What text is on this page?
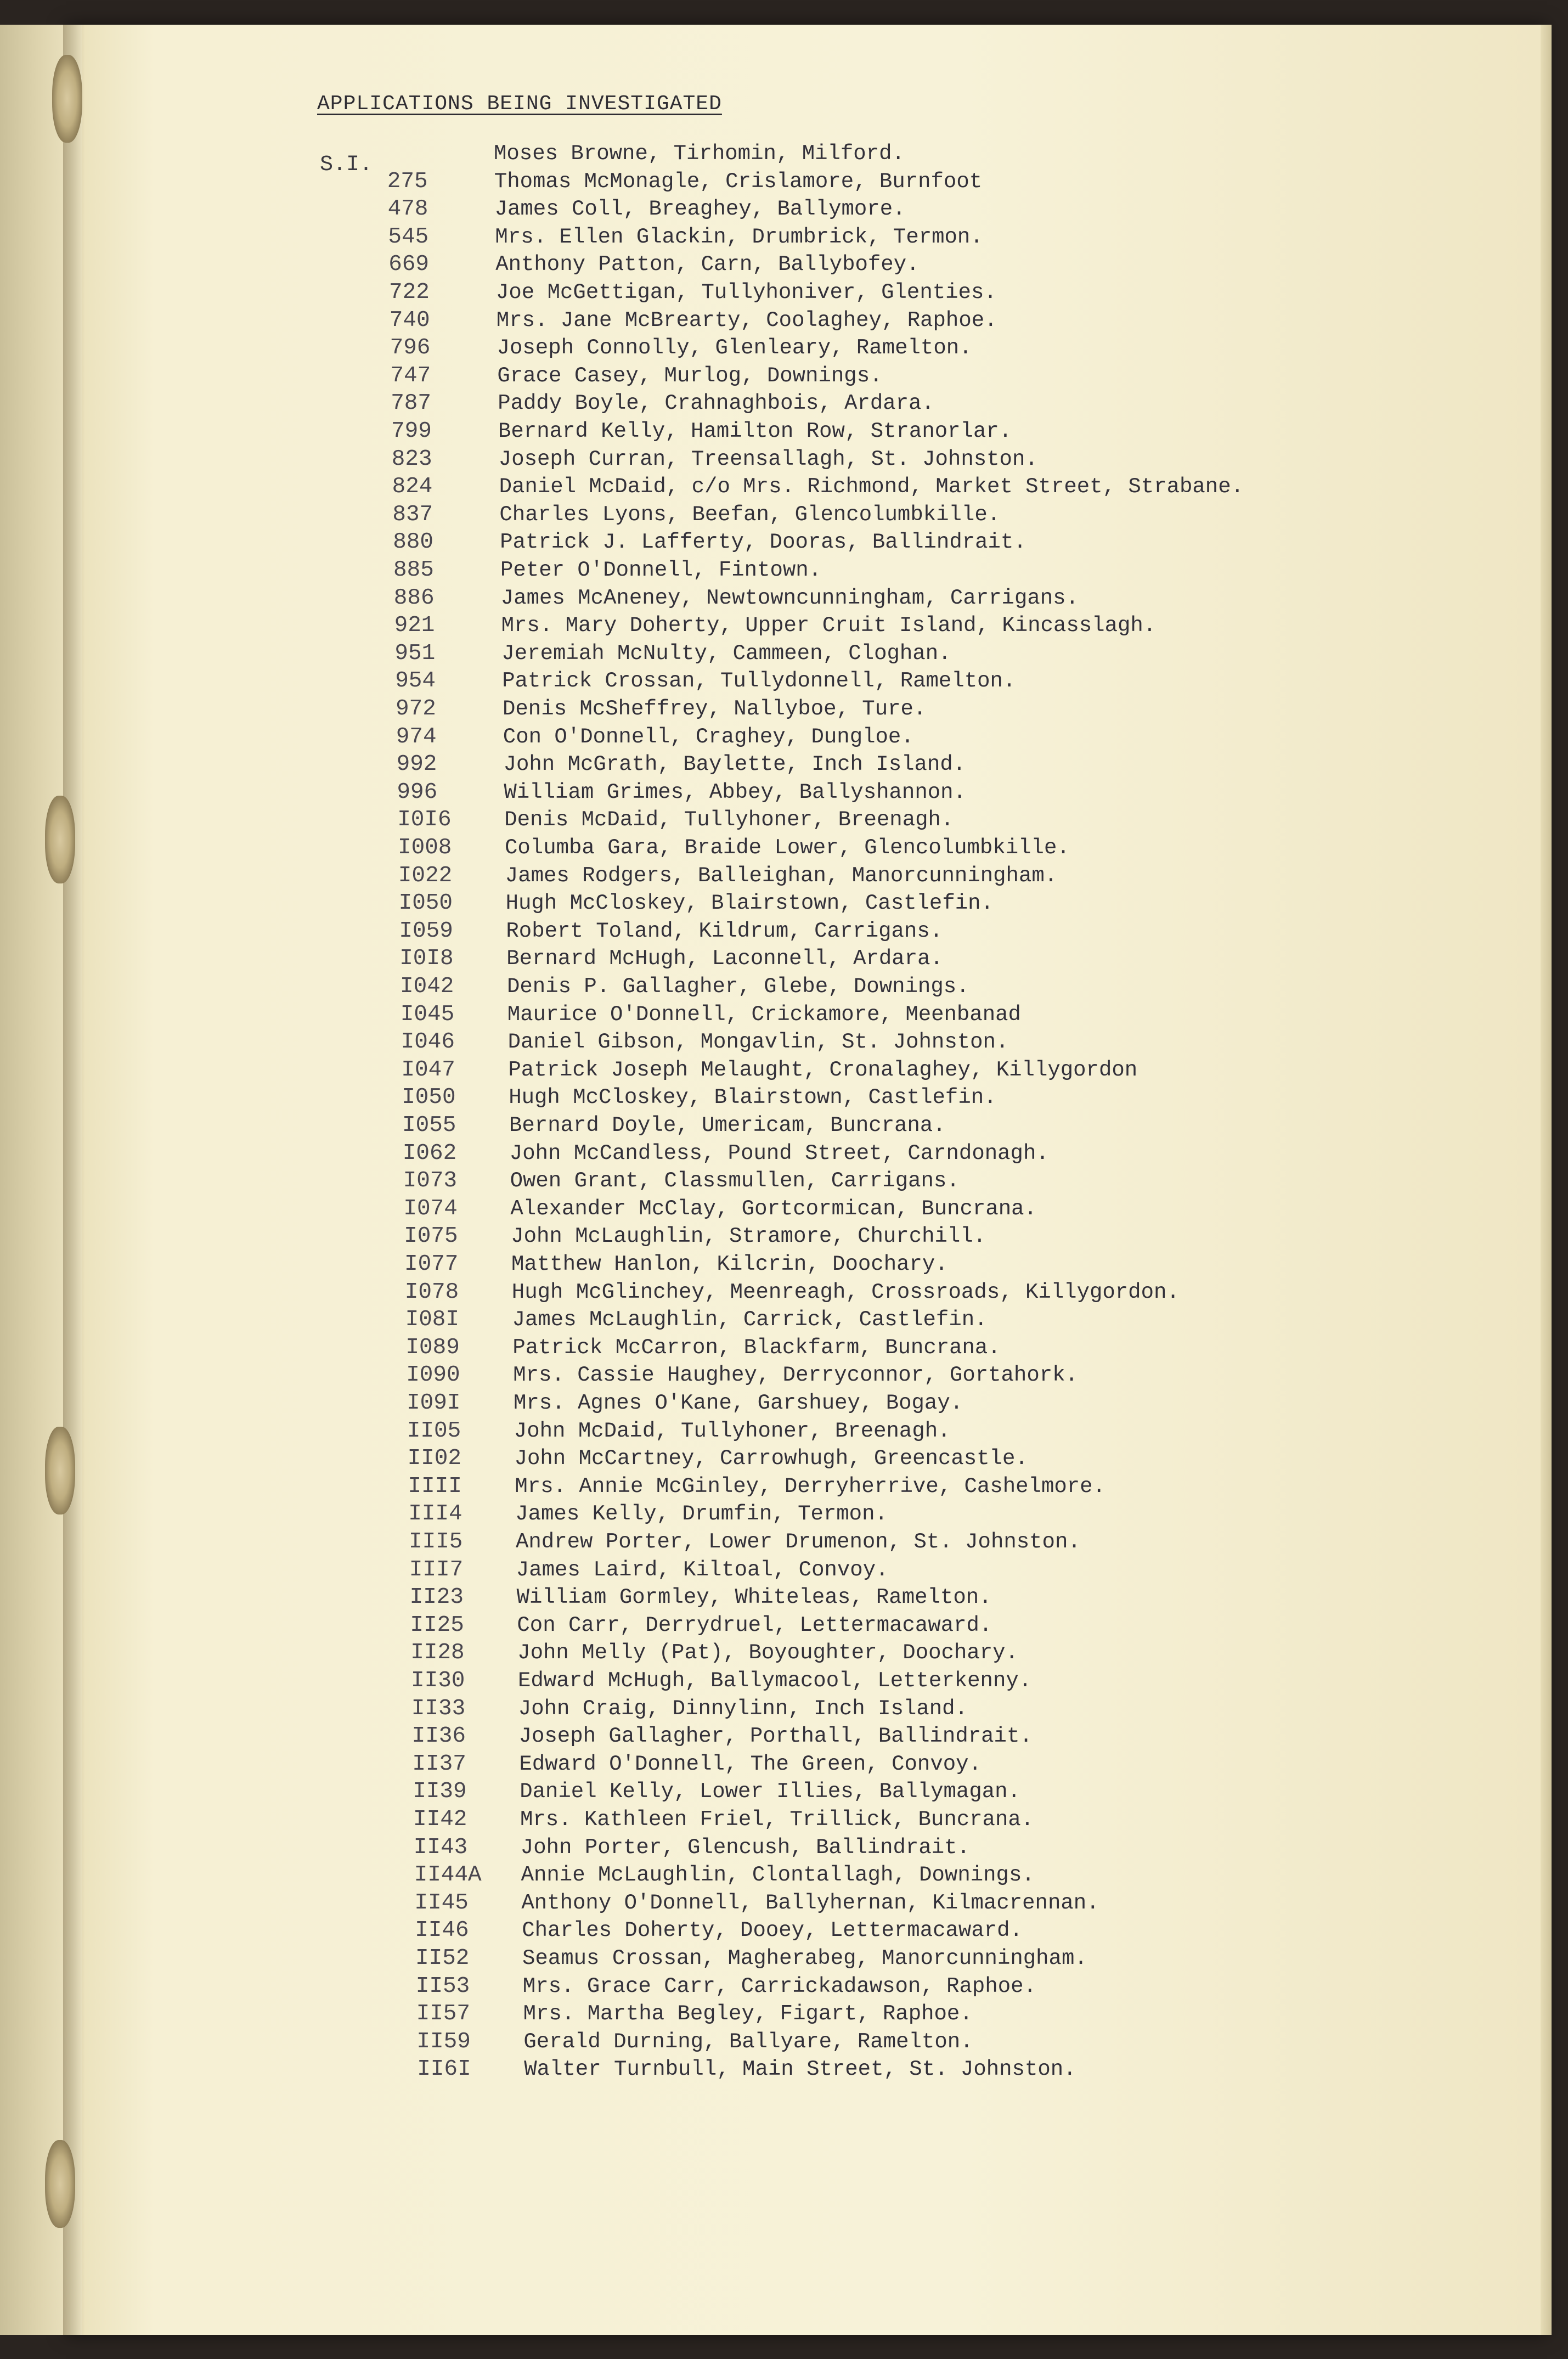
APPLICATIONS BEING INVESTIGATED
S.I.	Moses Browne, Tirhomin, Milford.
275	Thomas McMonagle, Crislamore, Burnfoot
478	James Coll, Breaghey, Ballymore.
545	Mrs. Ellen Glackin, Drumbrick, Termon.
669	Anthony Patton, Carn, Ballybofey.
722	Joe McGettigan, Tullyhoniver, Glenties.
740	Mrs. Jane McBrearty, Coolaghey, Raphoe.
796	Joseph Connolly, Glenleary, Ramelton.
747	Grace Casey, Murlog, Downings.
787	Paddy Boyle, Crahnaghbois, Ardara.
799	Bernard Kelly, Hamilton Row, Stranorlar.
823	Joseph Curran, Treensallagh, St. Johnston.
824	Daniel McDaid, c/o Mrs. Richmond, Market Street, Strabane.
837	Charles Lyons, Beefan, Glencolumbkille.
880	Patrick J. Lafferty, Dooras, Ballindrait.
885	Peter O'Donnell, Fintown.
886	James McAneney, Newtowncunningham, Carrigans.
921	Mrs. Mary Doherty, Upper Cruit Island, Kincasslagh.
951	Jeremiah McNulty, Cammeen, Cloghan.
954	Patrick Crossan, Tullydonnell, Ramelton.
972	Denis McSheffrey, Nallyboe, Ture.
974	Con O'Donnell, Craghey, Dungloe.
992	John McGrath, Baylette, Inch Island.
996	William Grimes, Abbey, Ballyshannon.
I0I6	Denis McDaid, Tullyhoner, Breenagh.
I008	Columba Gara, Braide Lower, Glencolumbkille.
I022	James Rodgers, Balleighan, Manorcunningham.
I050	Hugh McCloskey, Blairstown, Castlefin.
I059	Robert Toland, Kildrum, Carrigans.
I0I8	Bernard McHugh, Laconnell, Ardara.
I042	Denis P. Gallagher, Glebe, Downings.
I045	Maurice O'Donnell, Crickamore, Meenbanad
I046	Daniel Gibson, Mongavlin, St. Johnston.
I047	Patrick Joseph Melaught, Cronalaghey, Killygordon
I050	Hugh McCloskey, Blairstown, Castlefin.
I055	Bernard Doyle, Umericam, Buncrana.
I062	John McCandless, Pound Street, Carndonagh.
I073	Owen Grant, Classmullen, Carrigans.
I074	Alexander McClay, Gortcormican, Buncrana.
I075	John McLaughlin, Stramore, Churchill.
I077	Matthew Hanlon, Kilcrin, Doochary.
I078	Hugh McGlinchey, Meenreagh, Crossroads, Killygordon.
I08I	James McLaughlin, Carrick, Castlefin.
I089	Patrick McCarron, Blackfarm, Buncrana.
I090	Mrs. Cassie Haughey, Derryconnor, Gortahork.
I09I	Mrs. Agnes O'Kane, Garshuey, Bogay.
II05	John McDaid, Tullyhoner, Breenagh.
II02	John McCartney, Carrowhugh, Greencastle.
IIII	Mrs. Annie McGinley, Derryherrive, Cashelmore.
III4	James Kelly, Drumfin, Termon.
III5	Andrew Porter, Lower Drumenon, St. Johnston.
III7	James Laird, Kiltoal, Convoy.
II23	William Gormley, Whiteleas, Ramelton.
II25	Con Carr, Derrydruel, Lettermacaward.
II28	John Melly (Pat), Boyoughter, Doochary.
II30	Edward McHugh, Ballymacool, Letterkenny.
II33	John Craig, Dinnylinn, Inch Island.
II36	Joseph Gallagher, Porthall, Ballindrait.
II37	Edward O'Donnell, The Green, Convoy.
II39	Daniel Kelly, Lower Illies, Ballymagan.
II42	Mrs. Kathleen Friel, Trillick, Buncrana.
II43	John Porter, Glencush, Ballindrait.
II44A	Annie McLaughlin, Clontallagh, Downings.
II45	Anthony O'Donnell, Ballyhernan, Kilmacrennan.
II46	Charles Doherty, Dooey, Lettermacaward.
II52	Seamus Crossan, Magherabeg, Manorcunningham.
II53	Mrs. Grace Carr, Carrickadawson, Raphoe.
II57	Mrs. Martha Begley, Figart, Raphoe.
II59	Gerald Durning, Ballyare, Ramelton.
II6I	Walter Turnbull, Main Street, St. Johnston.
